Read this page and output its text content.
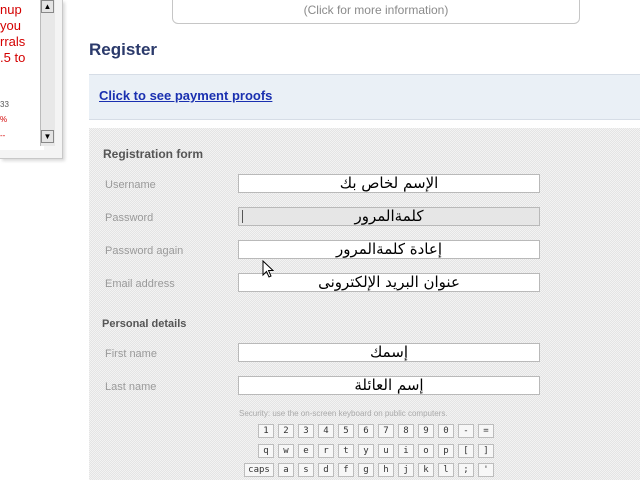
nup
you
rrals
.5 to
33
%
--
▲
▼
(Click for more information)
Register
Click to see payment proofs
Registration form
Username	الإسم لخاص بك
Password	كلمةالمرور
Password again	إعادة كلمةالمرور
Email address	عنوان البريد الإلكترونى
Personal details
First name	إسمك
Last name	إسم العائلة
Security: use the on-screen keyboard on public computers.
1	2	3	4	5	6	7	8	9	0	-	=
q	w	e	r	t	y	u	i	o	p	[	]
caps	a	s	d	f	g	h	j	k	l	;	'
